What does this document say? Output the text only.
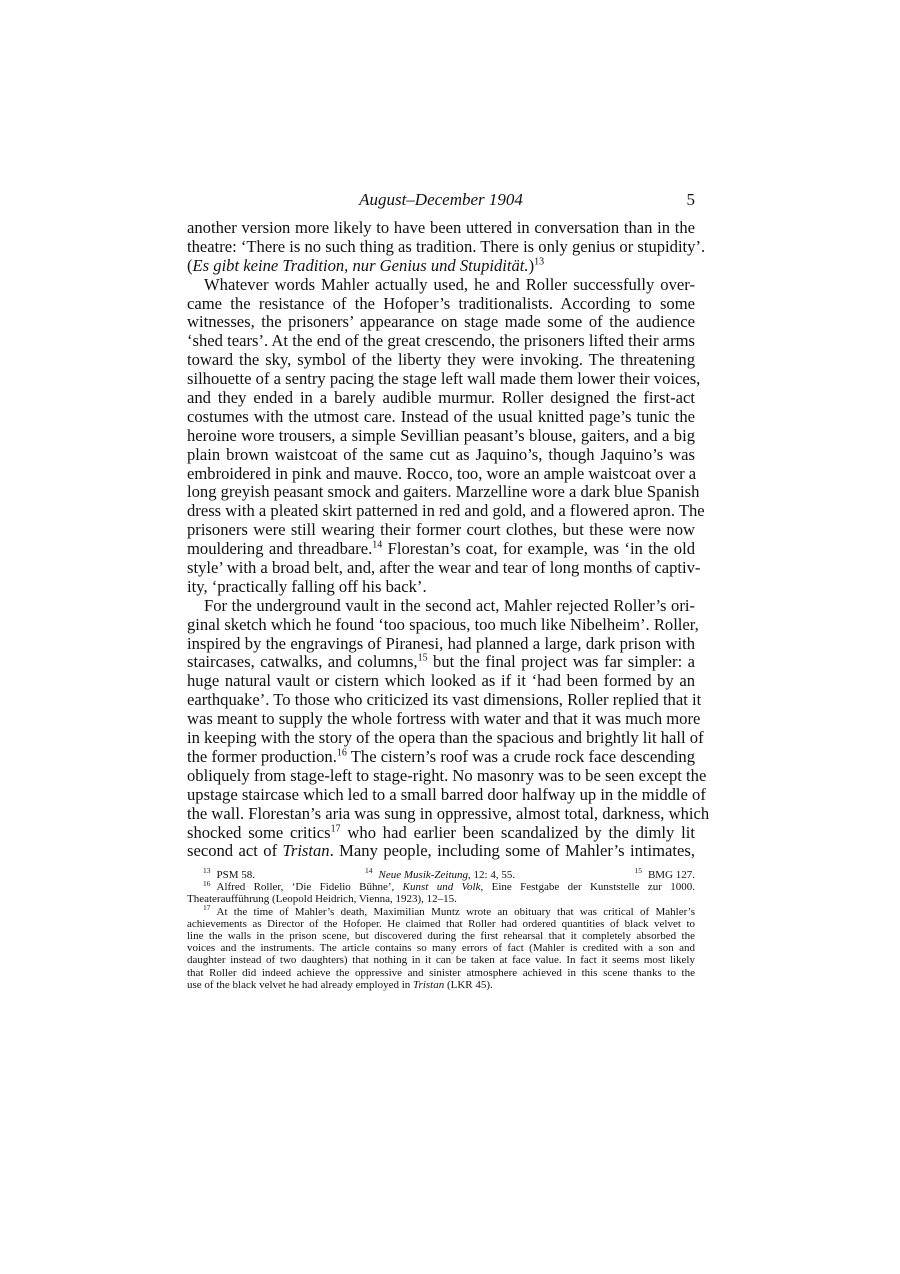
August–December 1904	5
another version more likely to have been uttered in conversation than in the
theatre: ‘There is no such thing as tradition. There is only genius or stupidity’.
(Es gibt keine Tradition, nur Genius und Stupidität.)$^{13}$
Whatever words Mahler actually used, he and Roller successfully over-
came the resistance of the Hofoper’s traditionalists. According to some
witnesses, the prisoners’ appearance on stage made some of the audience
‘shed tears’. At the end of the great crescendo, the prisoners lifted their arms
toward the sky, symbol of the liberty they were invoking. The threatening
silhouette of a sentry pacing the stage left wall made them lower their voices,
and they ended in a barely audible murmur. Roller designed the first-act
costumes with the utmost care. Instead of the usual knitted page’s tunic the
heroine wore trousers, a simple Sevillian peasant’s blouse, gaiters, and a big
plain brown waistcoat of the same cut as Jaquino’s, though Jaquino’s was
embroidered in pink and mauve. Rocco, too, wore an ample waistcoat over a
long greyish peasant smock and gaiters. Marzelline wore a dark blue Spanish
dress with a pleated skirt patterned in red and gold, and a flowered apron. The
prisoners were still wearing their former court clothes, but these were now
mouldering and threadbare.$^{14}$ Florestan’s coat, for example, was ‘in the old
style’ with a broad belt, and, after the wear and tear of long months of captiv-
ity, ‘practically falling off his back’.
For the underground vault in the second act, Mahler rejected Roller’s ori-
ginal sketch which he found ‘too spacious, too much like Nibelheim’. Roller,
inspired by the engravings of Piranesi, had planned a large, dark prison with
staircases, catwalks, and columns,$^{15}$ but the final project was far simpler: a
huge natural vault or cistern which looked as if it ‘had been formed by an
earthquake’. To those who criticized its vast dimensions, Roller replied that it
was meant to supply the whole fortress with water and that it was much more
in keeping with the story of the opera than the spacious and brightly lit hall of
the former production.$^{16}$ The cistern’s roof was a crude rock face descending
obliquely from stage-left to stage-right. No masonry was to be seen except the
upstage staircase which led to a small barred door halfway up in the middle of
the wall. Florestan’s aria was sung in oppressive, almost total, darkness, which
shocked some critics$^{17}$ who had earlier been scandalized by the dimly lit
second act of Tristan. Many people, including some of Mahler’s intimates,
$^{13}$ PSM 58.	$^{14}$ Neue Musik-Zeitung, 12: 4, 55.	$^{15}$ BMG 127.
$^{16}$ Alfred Roller, ‘Die Fidelio Bühne’, Kunst und Volk, Eine Festgabe der Kunststelle zur 1000.
Theateraufführung (Leopold Heidrich, Vienna, 1923), 12–15.
$^{17}$ At the time of Mahler’s death, Maximilian Muntz wrote an obituary that was critical of Mahler’s
achievements as Director of the Hofoper. He claimed that Roller had ordered quantities of black velvet to
line the walls in the prison scene, but discovered during the first rehearsal that it completely absorbed the
voices and the instruments. The article contains so many errors of fact (Mahler is credited with a son and
daughter instead of two daughters) that nothing in it can be taken at face value. In fact it seems most likely
that Roller did indeed achieve the oppressive and sinister atmosphere achieved in this scene thanks to the
use of the black velvet he had already employed in Tristan (LKR 45).
